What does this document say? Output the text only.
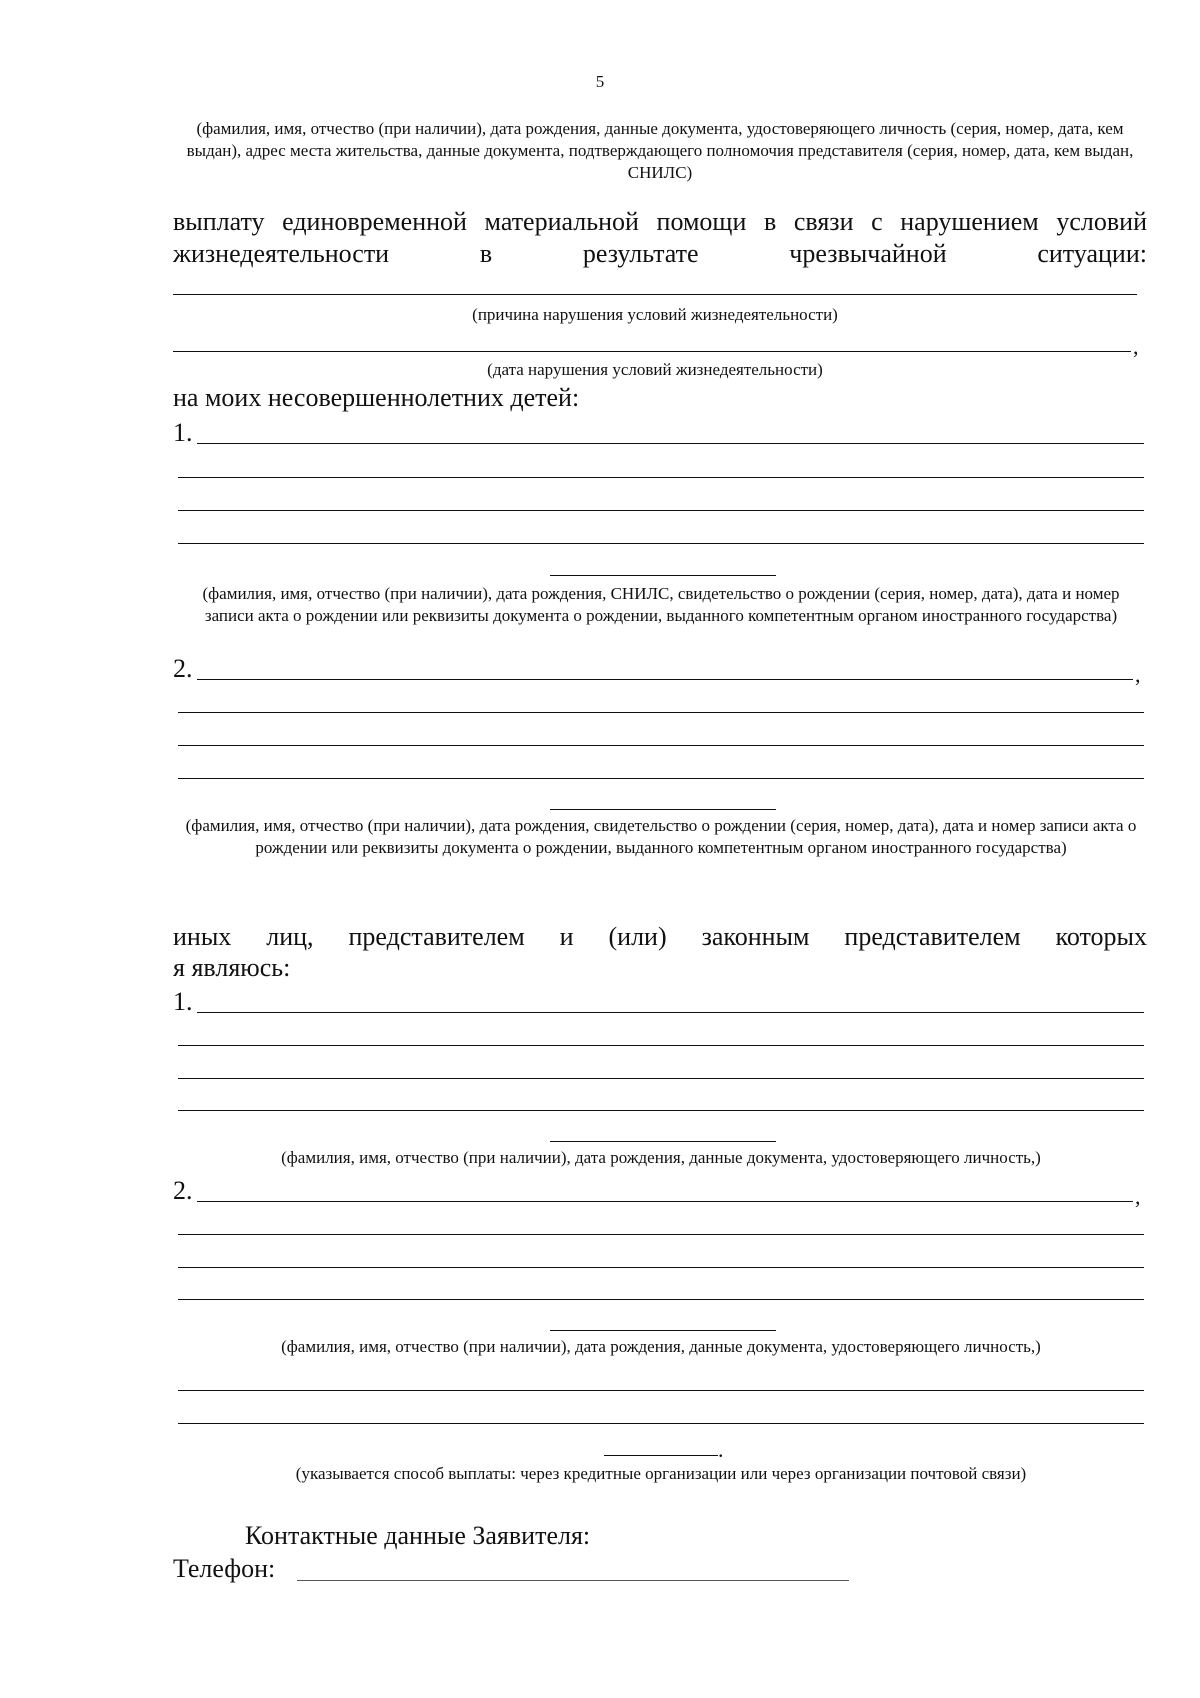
5
(фамилия, имя, отчество (при наличии), дата рождения, данные документа, удостоверяющего личность (серия, номер, дата, кем выдан), адрес места жительства, данные документа, подтверждающего полномочия представителя (серия, номер, дата, кем выдан, СНИЛС)
выплату единовременной материальной помощи в связи с нарушением условий
жизнедеятельности в результате чрезвычайной ситуации:
(причина нарушения условий жизнедеятельности)
,
(дата нарушения условий жизнедеятельности)
на моих несовершеннолетних детей:
1.
(фамилия, имя, отчество (при наличии), дата рождения, СНИЛС, свидетельство о рождении (серия, номер, дата), дата и номер записи акта о рождении или реквизиты документа о рождении, выданного компетентным органом иностранного государства)
2.	,
(фамилия, имя, отчество (при наличии), дата рождения, свидетельство о рождении (серия, номер, дата), дата и номер записи акта о рождении или реквизиты документа о рождении, выданного компетентным органом иностранного государства)
иных лиц, представителем и (или) законным представителем которых
я являюсь:
1.
(фамилия, имя, отчество (при наличии), дата рождения, данные документа, удостоверяющего личность,)
2.	,
(фамилия, имя, отчество (при наличии), дата рождения, данные документа, удостоверяющего личность,)
.
(указывается способ выплаты: через кредитные организации или через организации почтовой связи)
Контактные данные Заявителя:
Телефон:
